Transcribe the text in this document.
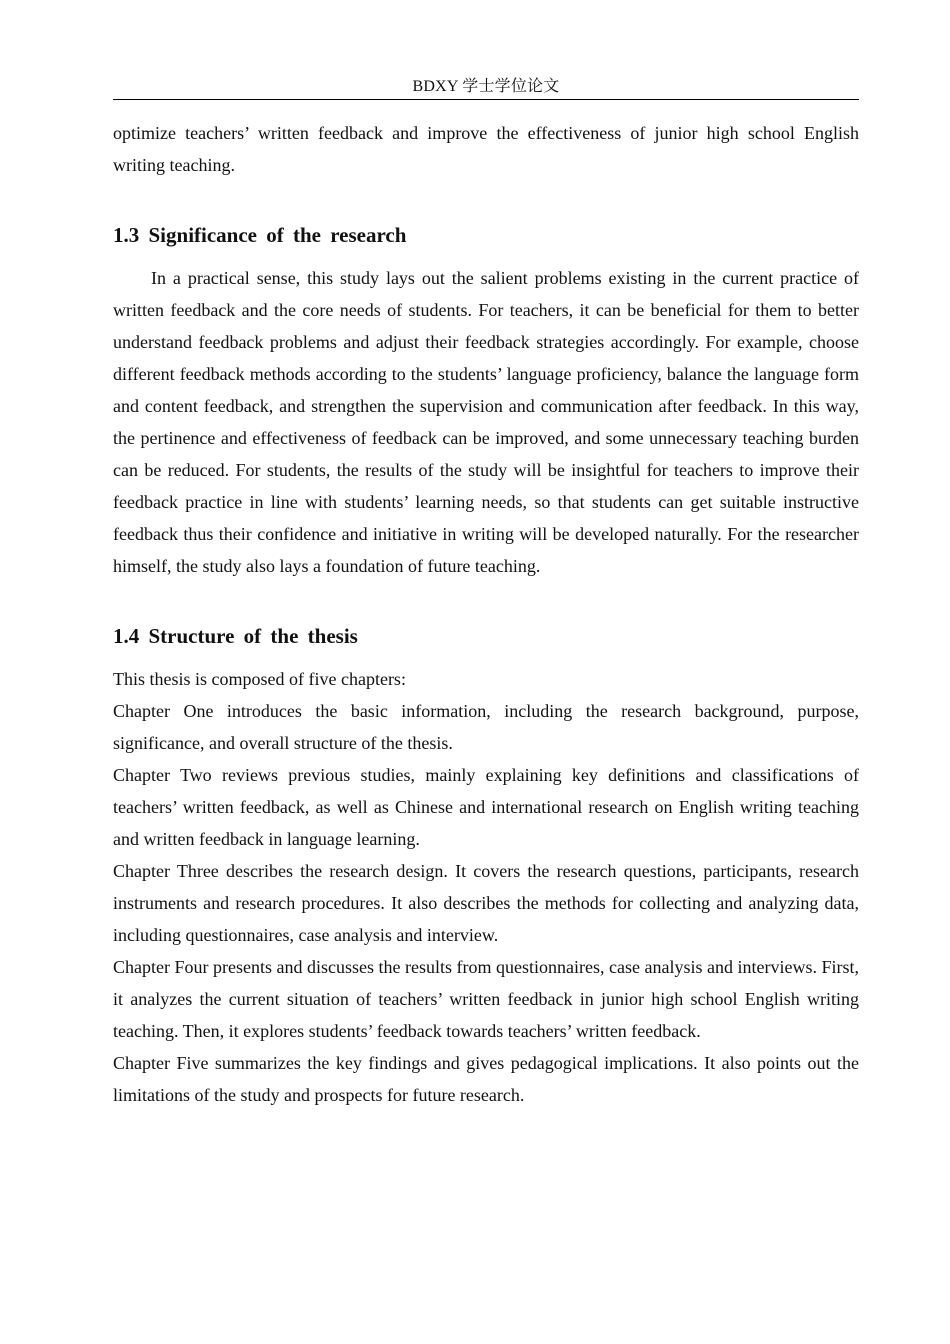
BDXY 学士学位论文

optimize teachers’ written feedback and improve the effectiveness of junior high school English writing teaching.

1.3 Significance of the research

In a practical sense, this study lays out the salient problems existing in the current practice of written feedback and the core needs of students. For teachers, it can be beneficial for them to better understand feedback problems and adjust their feedback strategies accordingly. For example, choose different feedback methods according to the students’ language proficiency, balance the language form and content feedback, and strengthen the supervision and communication after feedback. In this way, the pertinence and effectiveness of feedback can be improved, and some unnecessary teaching burden can be reduced. For students, the results of the study will be insightful for teachers to improve their feedback practice in line with students’ learning needs, so that students can get suitable instructive feedback thus their confidence and initiative in writing will be developed naturally. For the researcher himself, the study also lays a foundation of future teaching.

1.4 Structure of the thesis

This thesis is composed of five chapters:

Chapter One introduces the basic information, including the research background, purpose, significance, and overall structure of the thesis.

Chapter Two reviews previous studies, mainly explaining key definitions and classifications of teachers’ written feedback, as well as Chinese and international research on English writing teaching and written feedback in language learning.

Chapter Three describes the research design. It covers the research questions, participants, research instruments and research procedures. It also describes the methods for collecting and analyzing data, including questionnaires, case analysis and interview.

Chapter Four presents and discusses the results from questionnaires, case analysis and interviews. First, it analyzes the current situation of teachers’ written feedback in junior high school English writing teaching. Then, it explores students’ feedback towards teachers’ written feedback.

Chapter Five summarizes the key findings and gives pedagogical implications. It also points out the limitations of the study and prospects for future research.
